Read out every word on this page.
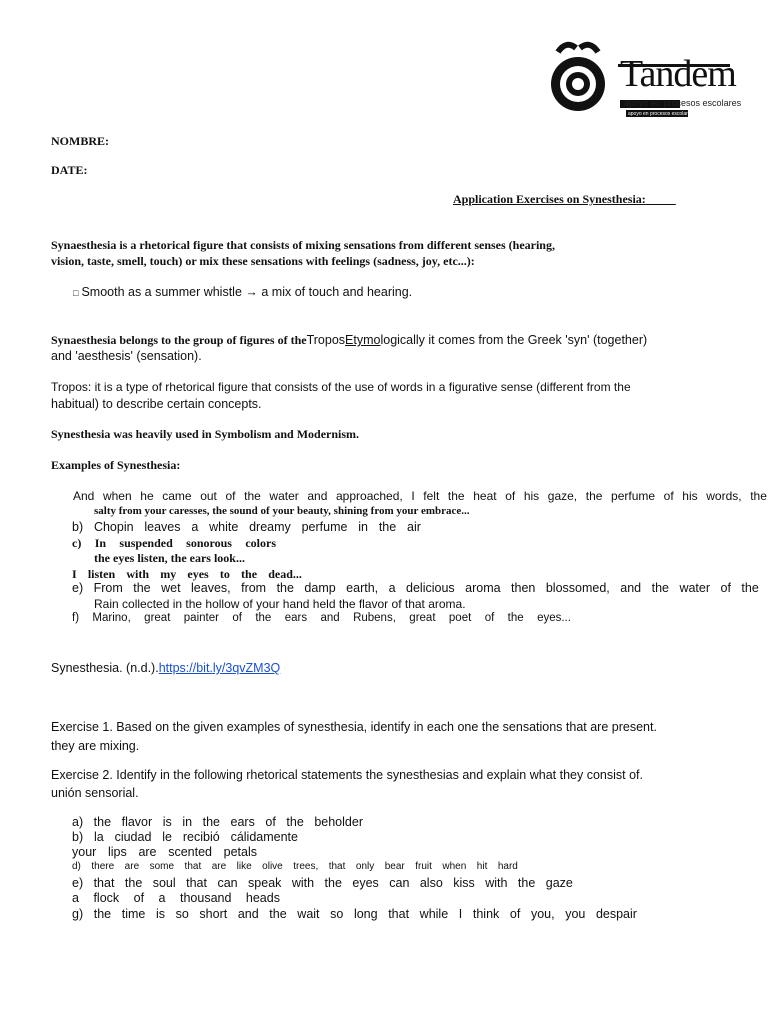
Tandem
apoyo en procesos escolares
apoyo en procesos escolares
NOMBRE:
DATE:
Application Exercises on Synesthesia:
Synaesthesia is a rhetorical figure that consists of mixing sensations from different senses (hearing,
vision, taste, smell, touch) or mix these sensations with feelings (sadness, joy, etc...):
□ Smooth as a summer whistle → a mix of touch and hearing.
Synaesthesia belongs to the group of figures of theTroposEtymologically it comes from the Greek 'syn' (together)
and 'aesthesis' (sensation).
Tropos: it is a type of rhetorical figure that consists of the use of words in a figurative sense (different from the
habitual) to describe certain concepts.
Synesthesia was heavily used in Symbolism and Modernism.
Examples of Synesthesia:
And when he came out of the water and approached, I felt the heat of his gaze, the perfume of his words, the
salty from your caresses, the sound of your beauty, shining from your embrace...
b) Chopin leaves a white dreamy perfume in the air
c) In suspended sonorous colors
the eyes listen, the ears look...
I listen with my eyes to the dead...
e) From the wet leaves, from the damp earth, a delicious aroma then blossomed, and the water of the
Rain collected in the hollow of your hand held the flavor of that aroma.
f) Marino, great painter of the ears and Rubens, great poet of the eyes...
Synesthesia. (n.d.).https://bit.ly/3qvZM3Q
Exercise 1. Based on the given examples of synesthesia, identify in each one the sensations that are present.
they are mixing.
Exercise 2. Identify in the following rhetorical statements the synesthesias and explain what they consist of.
unión sensorial.
a) the flavor is in the ears of the beholder
b) la ciudad le recibió cálidamente
your lips are scented petals
d) there are some that are like olive trees, that only bear fruit when hit hard
e) that the soul that can speak with the eyes can also kiss with the gaze
a flock of a thousand heads
g) the time is so short and the wait so long that while I think of you, you despair
